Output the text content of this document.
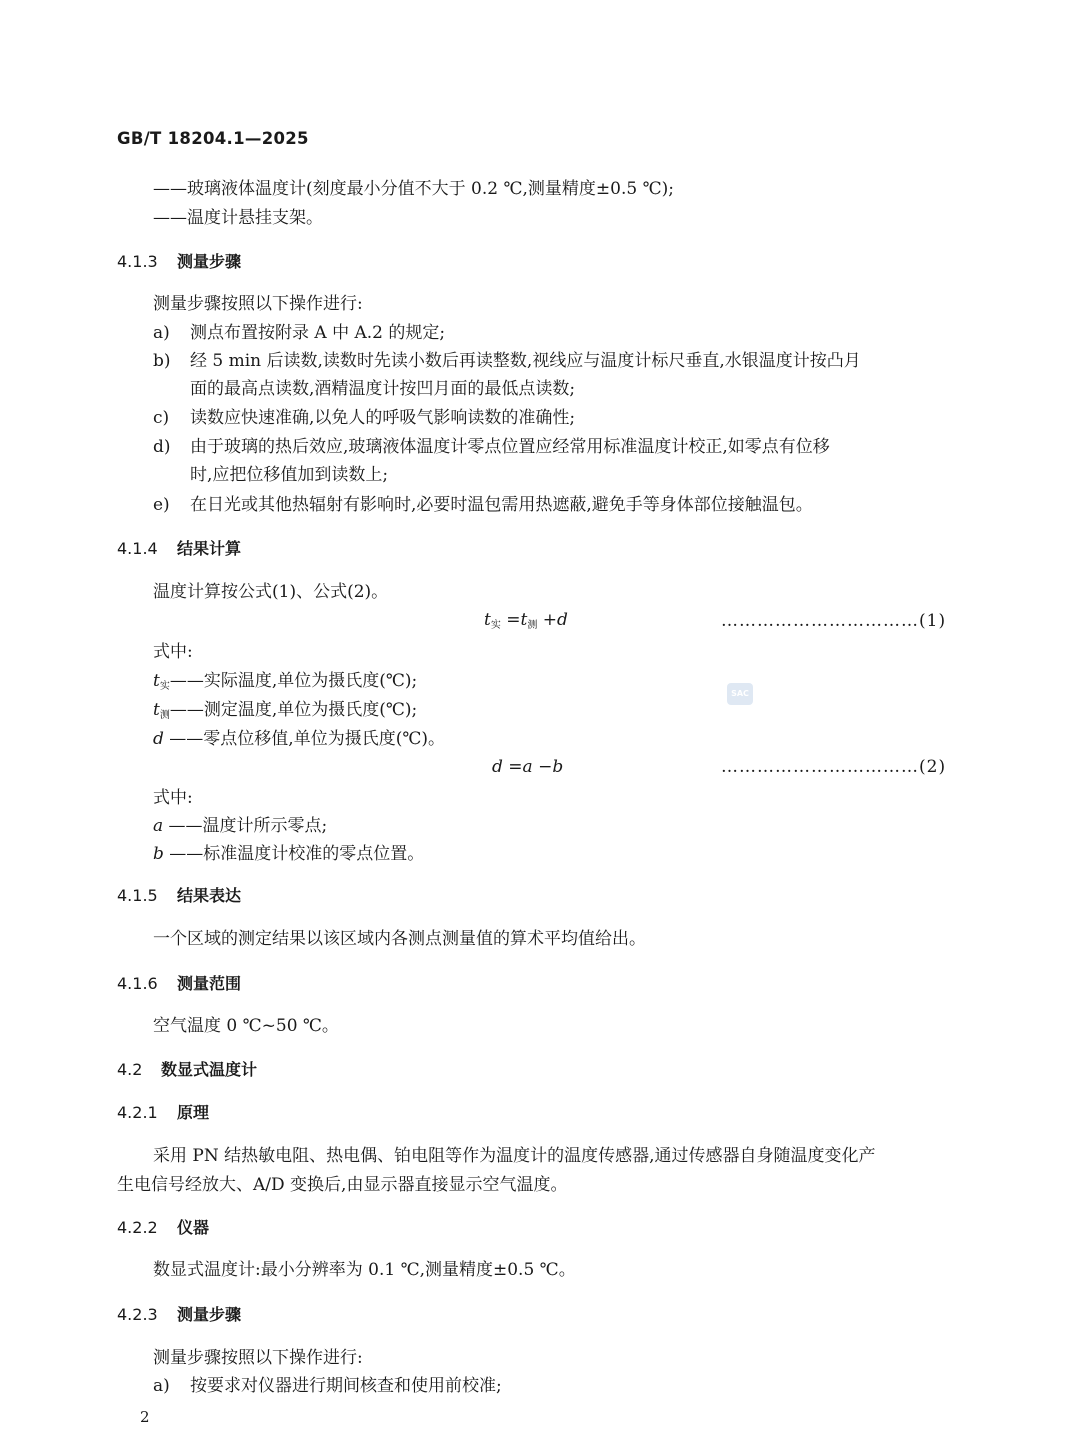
GB/T 18204.1—2025
——玻璃液体温度计(刻度最小分值不大于 0.2 ℃,测量精度±0.5 ℃);
——温度计悬挂支架。
4.1.3 测量步骤
测量步骤按照以下操作进行:
a) 测点布置按附录 A 中 A.2 的规定;
b) 经 5 min 后读数,读数时先读小数后再读整数,视线应与温度计标尺垂直,水银温度计按凸月
面的最高点读数,酒精温度计按凹月面的最低点读数;
c) 读数应快速准确,以免人的呼吸气影响读数的准确性;
d) 由于玻璃的热后效应,玻璃液体温度计零点位置应经常用标准温度计校正,如零点有位移
时,应把位移值加到读数上;
e) 在日光或其他热辐射有影响时,必要时温包需用热遮蔽,避免手等身体部位接触温包。
4.1.4 结果计算
温度计算按公式(1)、公式(2)。
$t_实 =t_测 +d$	……………………………(1)
式中:
$t_实——$实际温度,单位为摄氏度(℃);
$t_测——$测定温度,单位为摄氏度(℃);
d ——零点位移值,单位为摄氏度(℃)。
d =a −b	……………………………(2)
式中:
a ——温度计所示零点;
b ——标准温度计校准的零点位置。
4.1.5 结果表达
一个区域的测定结果以该区域内各测点测量值的算术平均值给出。
4.1.6 测量范围
空气温度 0 ℃~50 ℃。
4.2 数显式温度计
4.2.1 原理
采用 PN 结热敏电阻、热电偶、铂电阻等作为温度计的温度传感器,通过传感器自身随温度变化产
生电信号经放大、A/D 变换后,由显示器直接显示空气温度。
4.2.2 仪器
数显式温度计:最小分辨率为 0.1 ℃,测量精度±0.5 ℃。
4.2.3 测量步骤
测量步骤按照以下操作进行:
a) 按要求对仪器进行期间核查和使用前校准;
SAC
2
